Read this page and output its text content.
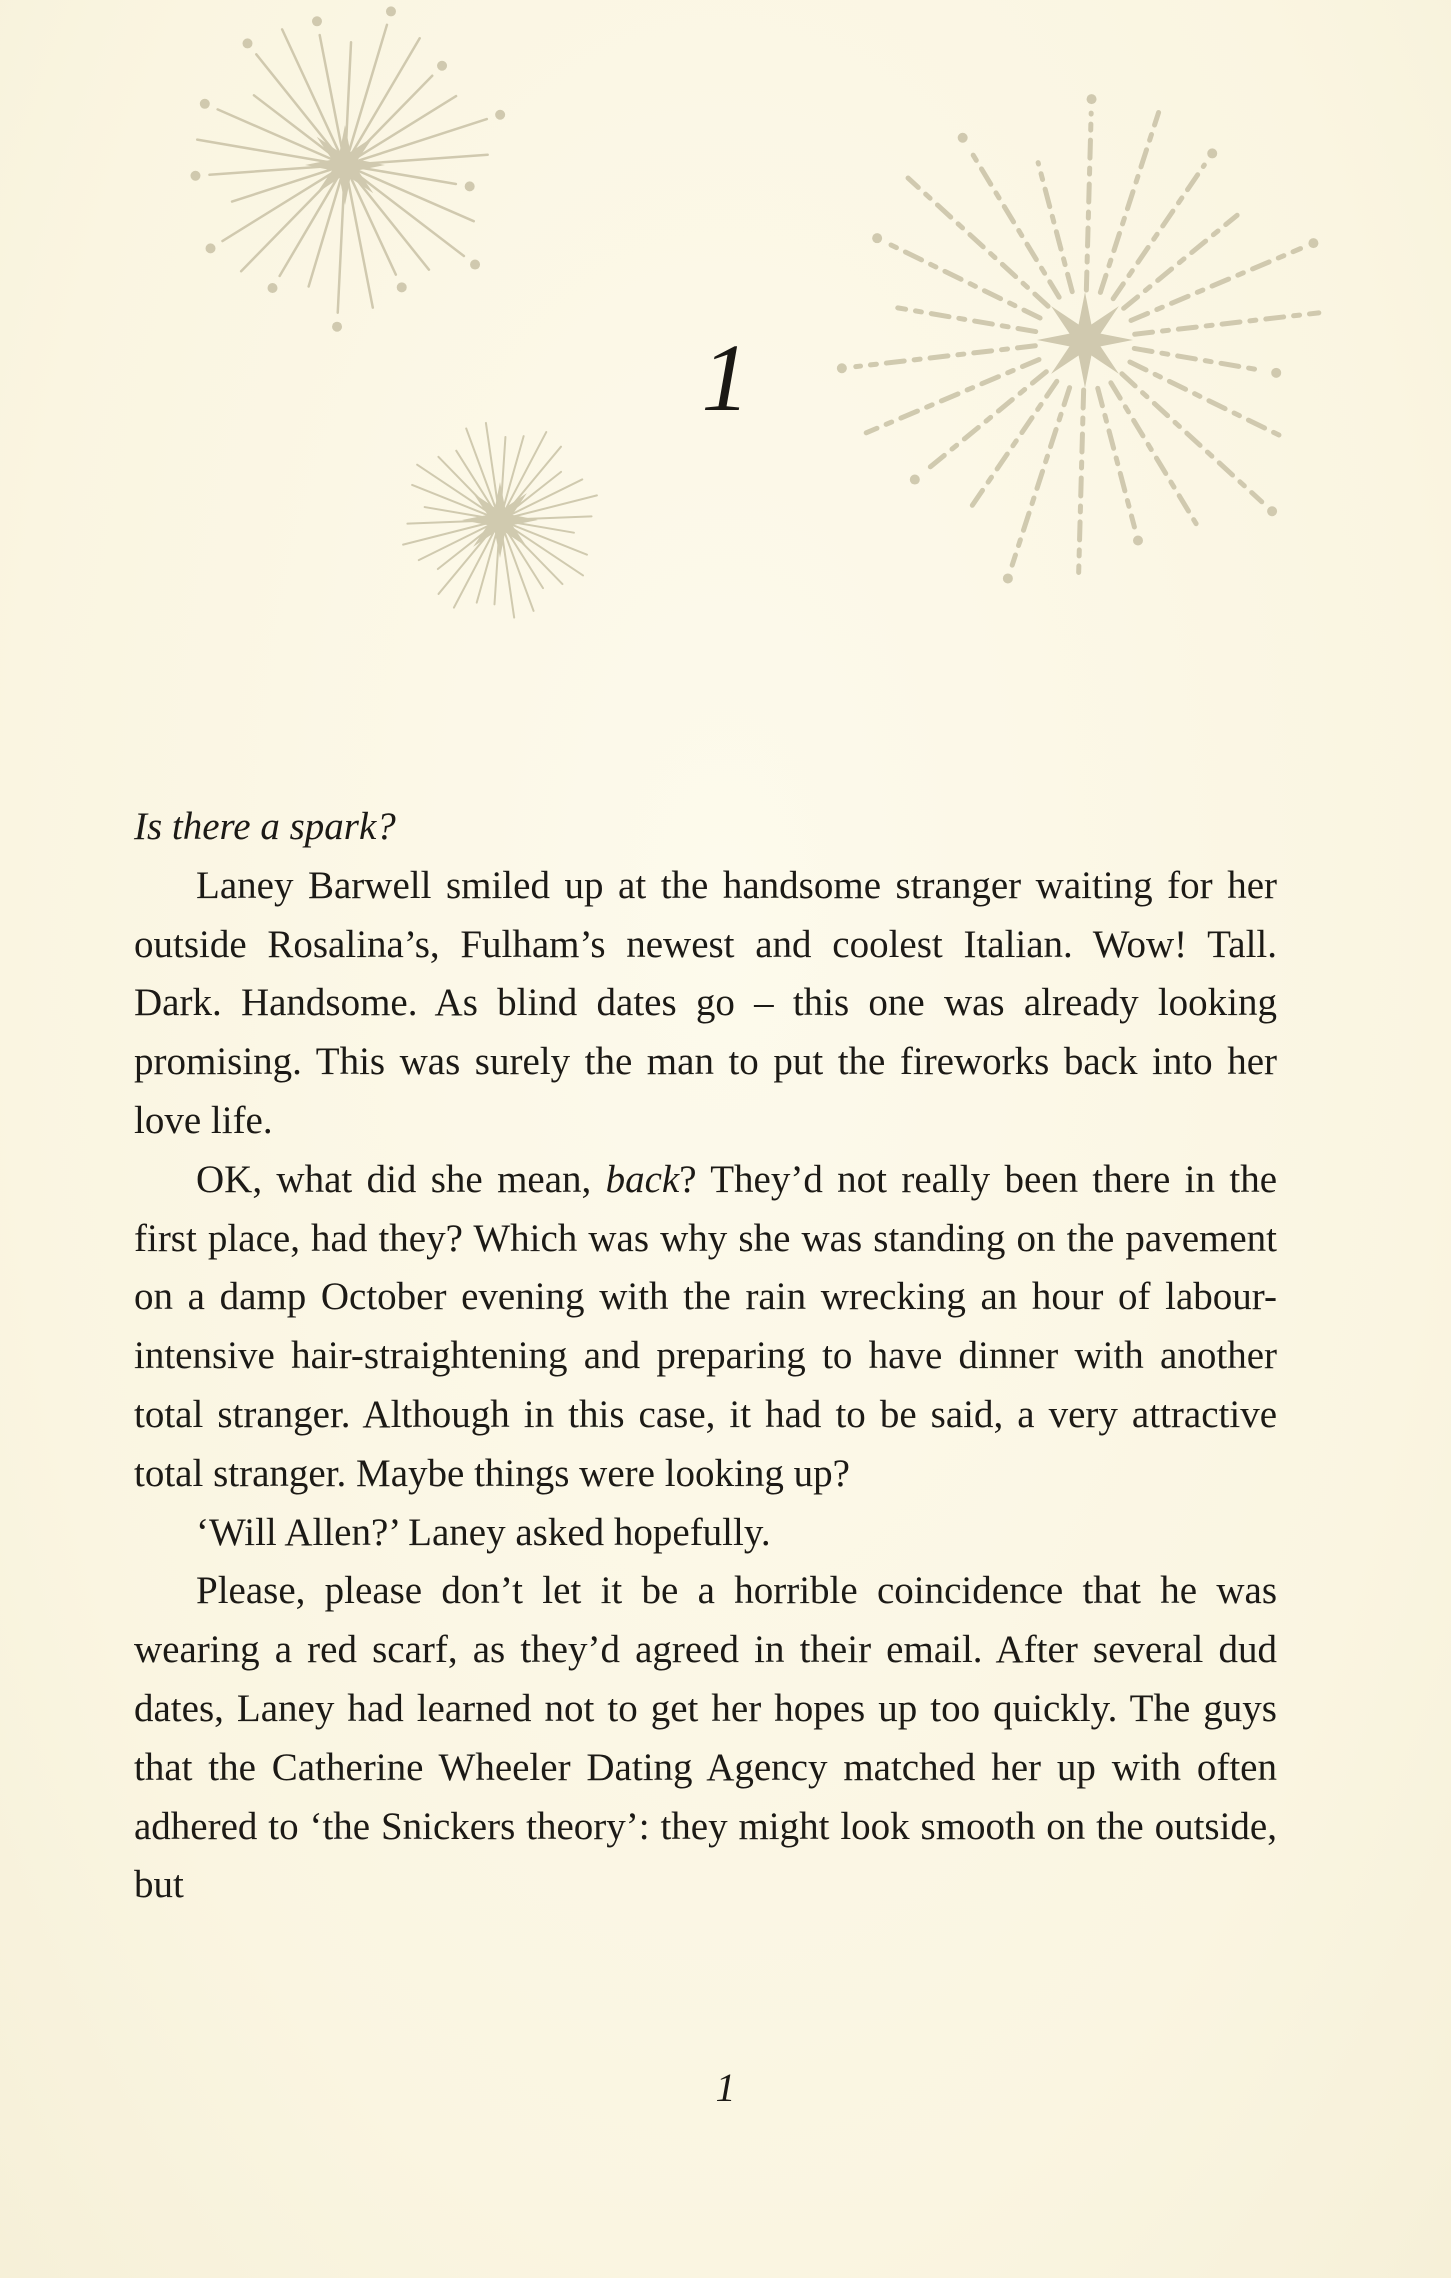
1

Is there a spark?

Laney Barwell smiled up at the handsome stranger waiting for her outside Rosalina’s, Fulham’s newest and coolest Italian. Wow! Tall. Dark. Handsome. As blind dates go – this one was already looking promising. This was surely the man to put the fireworks back into her love life.

OK, what did she mean, back? They’d not really been there in the first place, had they? Which was why she was standing on the pavement on a damp October evening with the rain wrecking an hour of labour-intensive hair-straightening and preparing to have dinner with another total stranger. Although in this case, it had to be said, a very attractive total stranger. Maybe things were looking up?

‘Will Allen?’ Laney asked hopefully.

Please, please don’t let it be a horrible coincidence that he was wearing a red scarf, as they’d agreed in their email. After several dud dates, Laney had learned not to get her hopes up too quickly. The guys that the Catherine Wheeler Dating Agency matched her up with often adhered to ‘the Snickers theory’: they might look smooth on the outside, but

1
